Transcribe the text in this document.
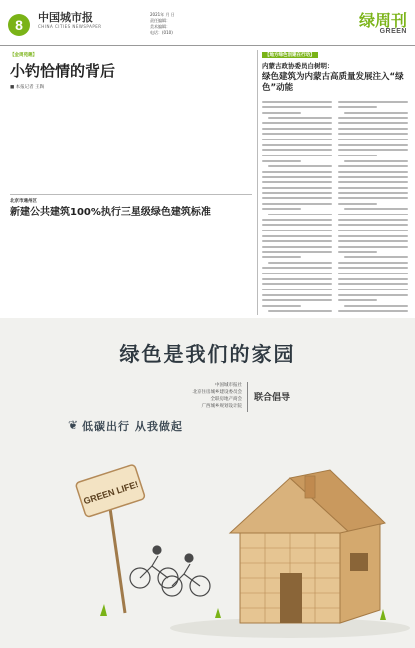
8	中国城市报
CHINA CITIES NEWSPAPER
2021年 月 日
责任编辑：
美术编辑：
电话：(010)
绿周刊
GREEN
【金周苑趣】
小钓恰情的背后
■ 本报记者 王陶
北京市通州区
新建公共建筑100%执行三星级绿色建筑标准
【地方绿色创建在行动】
内蒙古政协委员白树明：
绿色建筑为内蒙古高质量发展注入“绿色”动能
绿色是我们的家园
中国城市报社
北京住房城乡建设委员会
全联房地产商会
广西城乡规划设计院
联合倡导
❦ 低碳出行 从我做起
GREEN LIFE!
